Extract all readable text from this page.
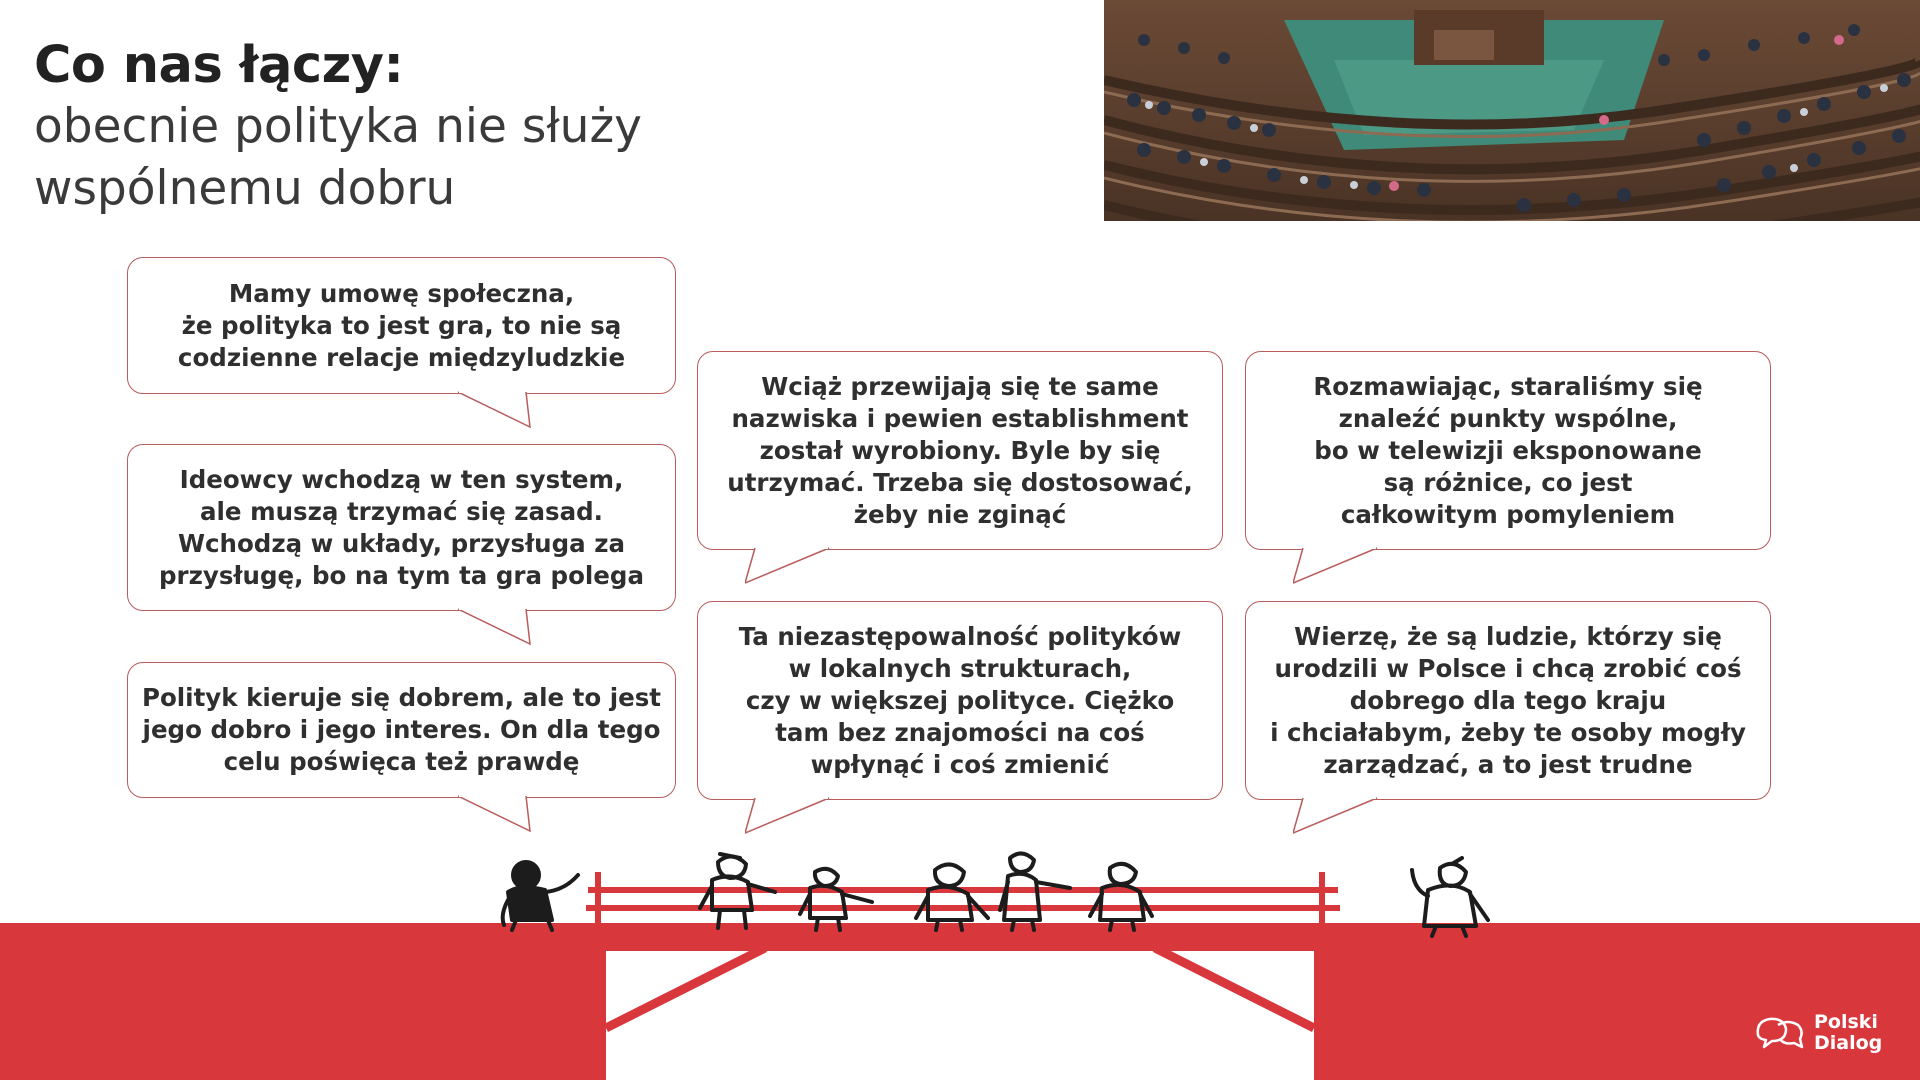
Co nas łączy:
obecnie polityka nie służy
wspólnemu dobru
Mamy umowę społeczna,
że polityka to jest gra, to nie są
codzienne relacje międzyludzkie
Ideowcy wchodzą w ten system,
ale muszą trzymać się zasad.
Wchodzą w układy, przysługa za
przysługę, bo na tym ta gra polega
Polityk kieruje się dobrem, ale to jest
jego dobro i jego interes. On dla tego
celu poświęca też prawdę
Wciąż przewijają się te same
nazwiska i pewien establishment
został wyrobiony. Byle by się
utrzymać. Trzeba się dostosować,
żeby nie zginąć
Ta niezastępowalność polityków
w lokalnych strukturach,
czy w większej polityce. Ciężko
tam bez znajomości na coś
wpłynąć i coś zmienić
Rozmawiając, staraliśmy się
znaleźć punkty wspólne,
bo w telewizji eksponowane
są różnice, co jest
całkowitym pomyleniem
Wierzę, że są ludzie, którzy się
urodzili w Polsce i chcą zrobić coś
dobrego dla tego kraju
i chciałabym, żeby te osoby mogły
zarządzać, a to jest trudne
Polski
Dialog
